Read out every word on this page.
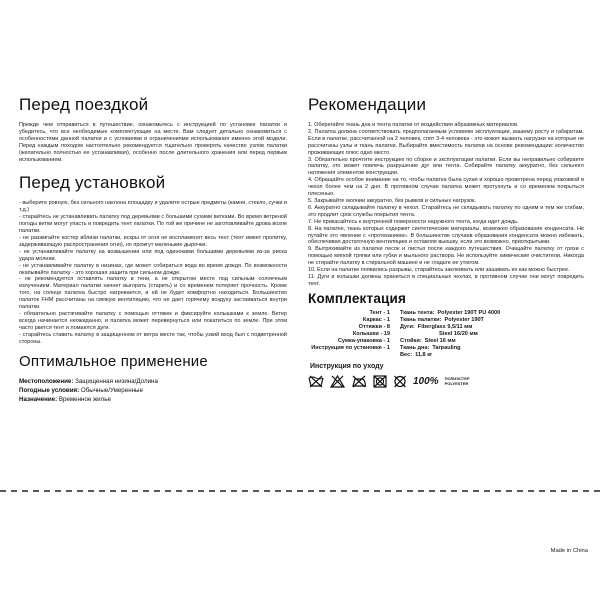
Перед поездкой

Прежде чем отправиться в путешествие, ознакомьтесь с инструкцией по установке палатки и убедитесь, что все необходимые комплектующие на месте. Вам следует детально ознакомиться с особенностями данной палатки и с условиями и ограничениями использования именно этой модели. Перед каждым походом настоятельно рекомендуется тщательно проверять качество узлов палатки (желательно полностью ее устанавливая), особенно после длительного хранения или перед первым использованием.

Перед установкой
- выберите ровную, без сильного наклона площадку и удалите острые предметы (камни, стекло, сучки и т.д.)
- старайтесь не устанавливать палатку под деревьями с большими сухими ветками. Во время ветреной погоды ветки могут упасть и повредить тент палатки. По той же причине не заготовливайте дрова возле палатки.
- не разжигайте костер вблизи палатки, искры от огня не воспламенят весь тент (тент имеет пропитку, задерживающую распространения огня), но прожгут маленькие дырочки.
- не устанавливайте палатку на возвышении или под одинокими большими деревьями из-за риска удара молнии.
- не устанавливайте палатку в низинах, где может собираться вода во время дождя. По возможности окапывайте палатку - это хорошая защита при сильном дожде.
- не рекомендуется оставлять палатку в тени, а не открытом месте под сильным солнечным излучением. Материал палатки начнет выгорать (стареть) и со временем потеряет прочность. Кроме того, на солнце палатка быстро нагревается, и ей не будет комфортно находиться. Большинство палаток FHM рассчитаны на свежую вентиляцию, что не дает горячему воздуху застаиваться внутри палатки.
- обязательно растягивайте палатку с помощью оттяжек и фиксируйте колышками к земле. Ветер всегда начинается неожиданно, и палатка может перевернуться или покатиться по земле. При этом часто рвется тент и ломаются дуги.
- старайтесь ставить палатку в защищенном от ветра месте так, чтобы узкий вход был с подветренной стороны.
Оптимальное применение
Местоположение: Защищенная низина/Долина
Погодные условия: Обычные/Умеренные
Назначение: Временное жилье
Рекомендации
1. Оберегайте ткань дна и тента палатки от воздействия абразивных материалов.
2. Палатка должна соответствовать предполагаемым условиям эксплуатации, вашему росту и габаритам. Если в палатке, рассчитанной на 2 человек, спят 3-4 человека - это может вызвать нагрузки на которые не рассчитаны узлы и ткань палатки. Выбирайте вместимость палатки на основе рекомендации: количество проживающих плюс одно место.
3. Обязательно прочтите инструкцию по сборке и эксплуатации палатки. Если вы неправильно собираете палатку, это может повлечь разрушение дуг или тента. Собирайте палатку аккуратно, без сильного натяжения элементов конструкции.
4. Обращайте особое внимание на то, чтобы палатка была сухая и хорошо проветрена перед упаковкой в чехол более чем на 2 дня. В противном случае палатка может протухнуть и со временем покрыться плесенью.
5. Закрывайте молнии аккуратно, без рывков и сильных нагрузок.
6. Аккуратно складывайте палатку в чехол. Старайтесь не складывать палатку по одним и тем же сгибам, это продлит срок службы покрытия тента.
7. Не прикасайтесь к внутренней поверхности наружного тента, когда идет дождь.
8. На палатке, ткань которых содержит синтетические материалы, возможно образование конденсата. Не путайте это явление с «протеканием». В большинстве случаев образования конденсата можно избежать, обеспечивая достаточную вентиляцию и оставляя вьюшку, если это возможно, приоткрытыми.
9. Вытряхивайте из палатки песок и листья после каждого путешествия. Очищайте палатку от грязи с помощью мягкой тряпки или губки и мыльного раствора. Не используйте химические очистители. Никогда не стирайте палатку в стиральной машине и не гладьте ее утюгом.
10. Если на палатке появились разрывы, старайтесь заклеивать или зашивать их как можно быстрее.
11. Дуги и колышки должны храниться в специальных чехлах, в противном случае они могут повредить тент.
Комплектация
Тент - 1
Каркас - 1
Оттяжки - 8
Колышки - 19
Сумка-упаковка - 1
Инструкция по установке - 1
Ткань тента: Polyester 190T PU 4000
Ткань палатки: Polyester 190T
Дуги: Fiberglass 9,5/11 мм
Steel 16/20 мм
Стойки: Steel 16 мм
Ткань дна: Tarpauling
Вес: 11,8 кг
Инструкция по уходу
100% ПОЛИЭСТЕР
POLYESTER
Made in China
